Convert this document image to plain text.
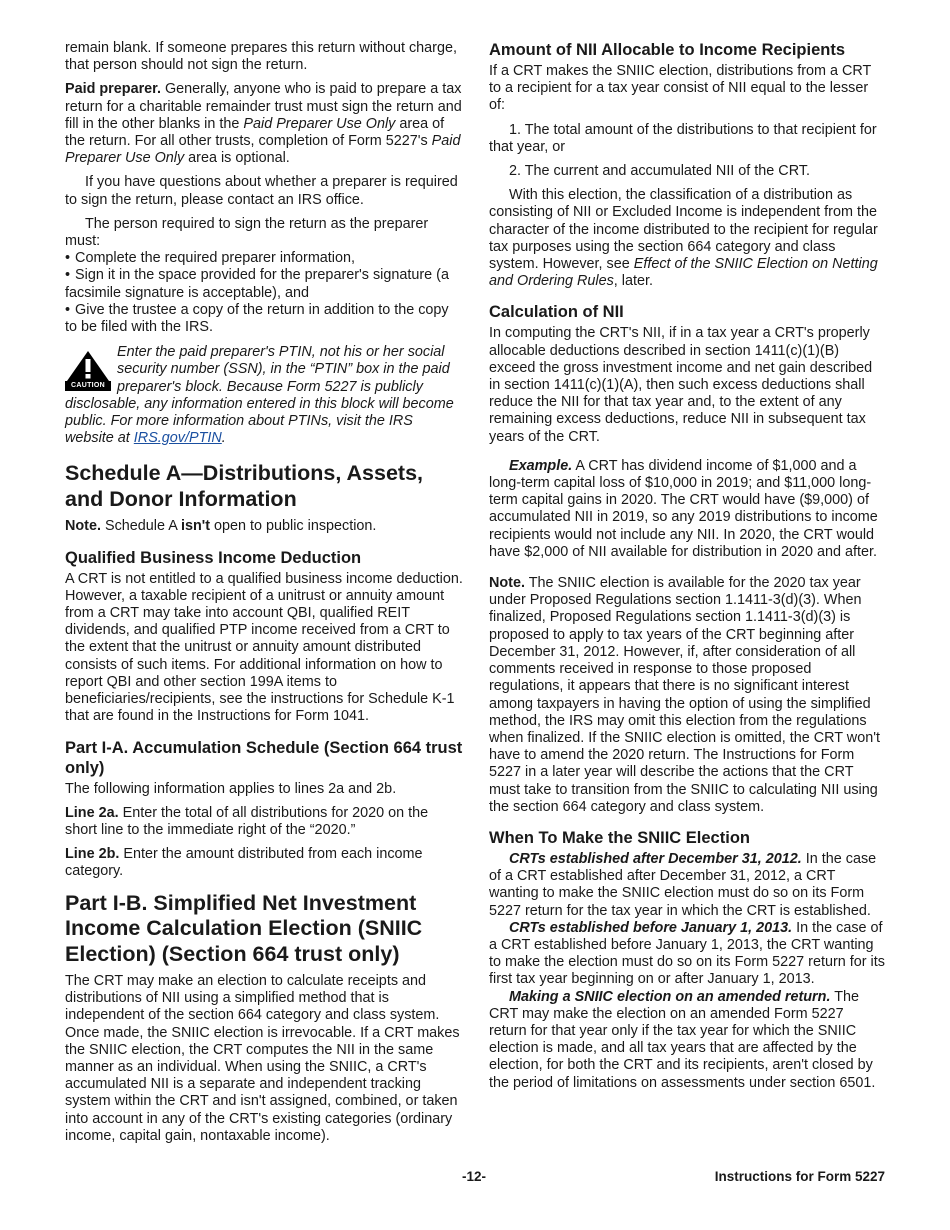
remain blank. If someone prepares this return without charge, that person should not sign the return.

Paid preparer. Generally, anyone who is paid to prepare a tax return for a charitable remainder trust must sign the return and fill in the other blanks in the Paid Preparer Use Only area of the return. For all other trusts, completion of Form 5227's Paid Preparer Use Only area is optional.

If you have questions about whether a preparer is required to sign the return, please contact an IRS office.

The person required to sign the return as the preparer must:

• Complete the required preparer information,
• Sign it in the space provided for the preparer's signature (a facsimile signature is acceptable), and
• Give the trustee a copy of the return in addition to the copy to be filed with the IRS.
CAUTION
Enter the paid preparer's PTIN, not his or her social security number (SSN), in the “PTIN” box in the paid preparer's block. Because Form 5227 is publicly disclosable, any information entered in this block will become public. For more information about PTINs, visit the IRS website at IRS.gov/PTIN.
Schedule A—Distributions, Assets, and Donor Information

Note. Schedule A isn't open to public inspection.

Qualified Business Income Deduction

A CRT is not entitled to a qualified business income deduction. However, a taxable recipient of a unitrust or annuity amount from a CRT may take into account QBI, qualified REIT dividends, and qualified PTP income received from a CRT to the extent that the unitrust or annuity amount distributed consists of such items. For additional information on how to report QBI and other section 199A items to beneficiaries/recipients, see the instructions for Schedule K-1 that are found in the Instructions for Form 1041.

Part I-A. Accumulation Schedule (Section 664 trust only)

The following information applies to lines 2a and 2b.

Line 2a. Enter the total of all distributions for 2020 on the short line to the immediate right of the “2020.”

Line 2b. Enter the amount distributed from each income category.

Part I-B. Simplified Net Investment Income Calculation Election (SNIIC Election) (Section 664 trust only)

The CRT may make an election to calculate receipts and distributions of NII using a simplified method that is independent of the section 664 category and class system. Once made, the SNIIC election is irrevocable. If a CRT makes the SNIIC election, the CRT computes the NII in the same manner as an individual. When using the SNIIC, a CRT's accumulated NII is a separate and independent tracking system within the CRT and isn't assigned, combined, or taken into account in any of the CRT's existing categories (ordinary income, capital gain, nontaxable income).

Amount of NII Allocable to Income Recipients

If a CRT makes the SNIIC election, distributions from a CRT to a recipient for a tax year consist of NII equal to the lesser of:

1. The total amount of the distributions to that recipient for that year, or

2. The current and accumulated NII of the CRT.

With this election, the classification of a distribution as consisting of NII or Excluded Income is independent from the character of the income distributed to the recipient for regular tax purposes using the section 664 category and class system. However, see Effect of the SNIIC Election on Netting and Ordering Rules, later.

Calculation of NII

In computing the CRT's NII, if in a tax year a CRT's properly allocable deductions described in section 1411(c)(1)(B) exceed the gross investment income and net gain described in section 1411(c)(1)(A), then such excess deductions shall reduce the NII for that tax year and, to the extent of any remaining excess deductions, reduce NII in subsequent tax years of the CRT.

Example. A CRT has dividend income of $1,000 and a long-term capital loss of $10,000 in 2019; and $11,000 long-term capital gains in 2020. The CRT would have ($9,000) of accumulated NII in 2019, so any 2019 distributions to income recipients would not include any NII. In 2020, the CRT would have $2,000 of NII available for distribution in 2020 and after.

Note. The SNIIC election is available for the 2020 tax year under Proposed Regulations section 1.1411-3(d)(3). When finalized, Proposed Regulations section 1.1411-3(d)(3) is proposed to apply to tax years of the CRT beginning after December 31, 2012. However, if, after consideration of all comments received in response to those proposed regulations, it appears that there is no significant interest among taxpayers in having the option of using the simplified method, the IRS may omit this election from the regulations when finalized. If the SNIIC election is omitted, the CRT won't have to amend the 2020 return. The Instructions for Form 5227 in a later year will describe the actions that the CRT must take to transition from the SNIIC to calculating NII using the section 664 category and class system.

When To Make the SNIIC Election

CRTs established after December 31, 2012. In the case of a CRT established after December 31, 2012, a CRT wanting to make the SNIIC election must do so on its Form 5227 return for the tax year in which the CRT is established.

CRTs established before January 1, 2013. In the case of a CRT established before January 1, 2013, the CRT wanting to make the election must do so on its Form 5227 return for its first tax year beginning on or after January 1, 2013.

Making a SNIIC election on an amended return. The CRT may make the election on an amended Form 5227 return for that year only if the tax year for which the SNIIC election is made, and all tax years that are affected by the election, for both the CRT and its recipients, aren't closed by the period of limitations on assessments under section 6501.

-12-	Instructions for Form 5227
